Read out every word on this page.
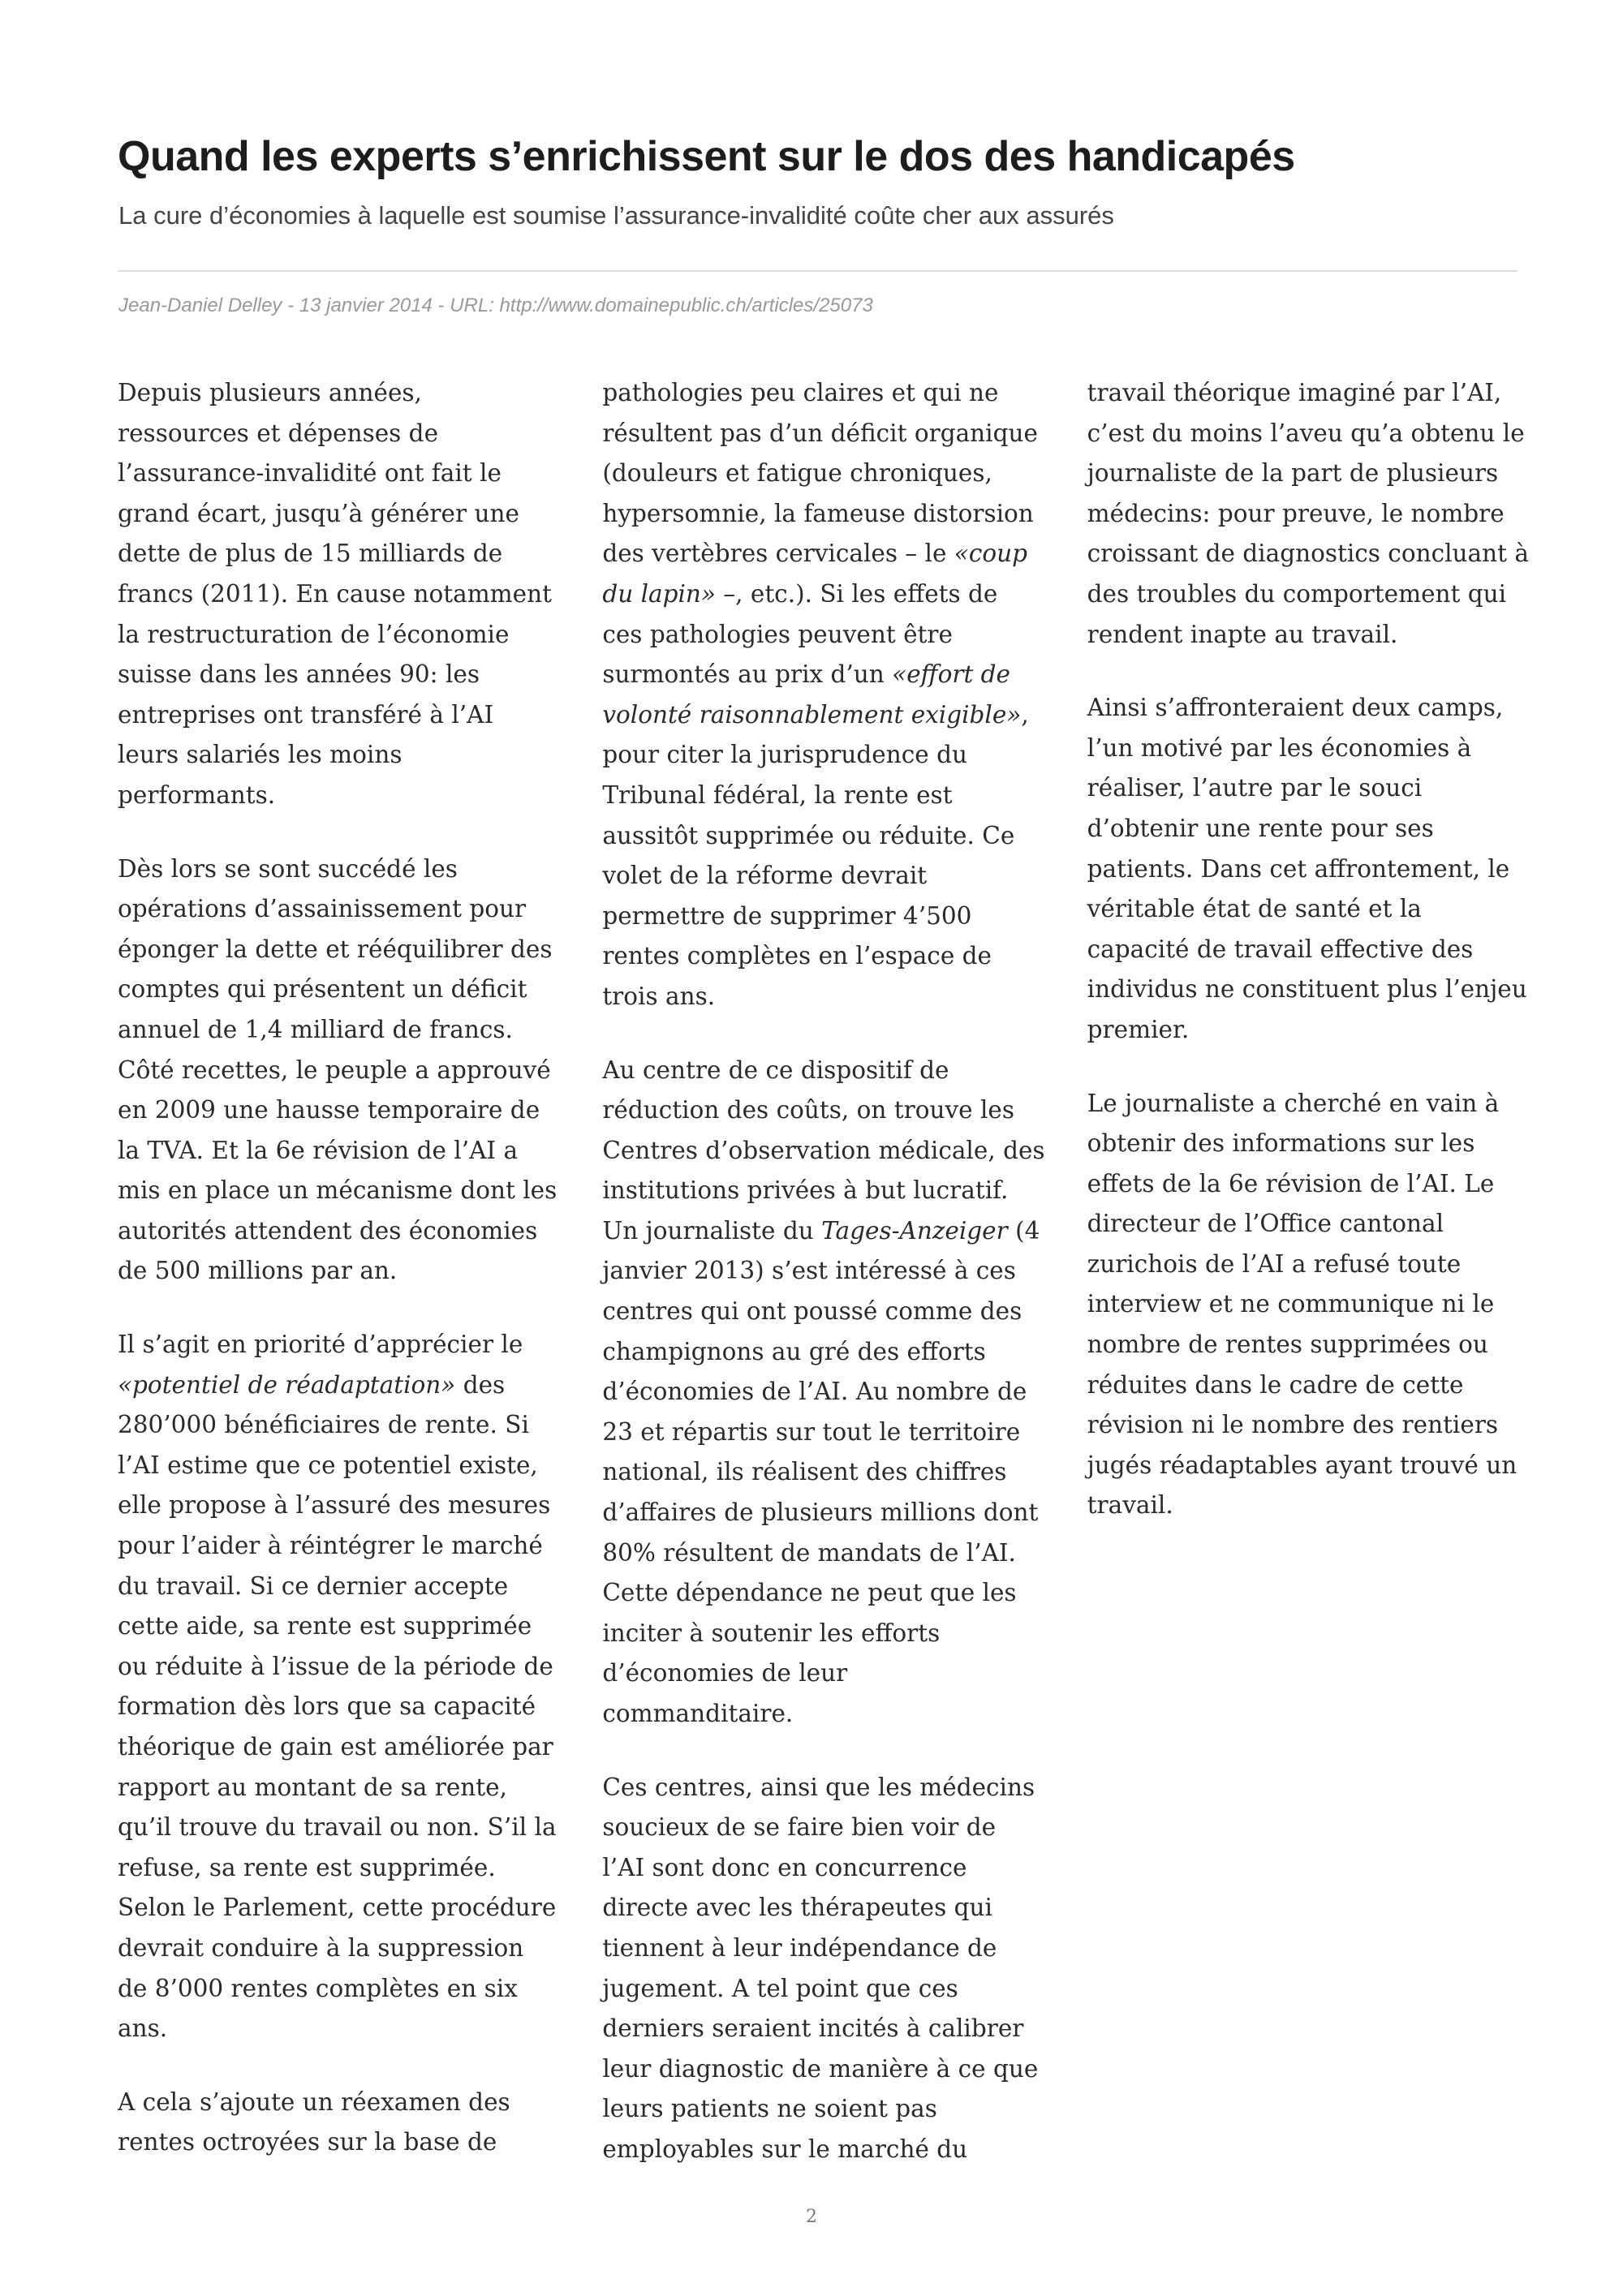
Quand les experts s’enrichissent sur le dos des handicapés

La cure d’économies à laquelle est soumise l’assurance-invalidité coûte cher aux assurés

Jean-Daniel Delley - 13 janvier 2014 - URL: http://www.domainepublic.ch/articles/25073

Depuis plusieurs années, ressources et dépenses de l’assurance-invalidité ont fait le grand écart, jusqu’à générer une dette de plus de 15 milliards de francs (2011). En cause notamment la restructuration de l’économie suisse dans les années 90: les entreprises ont transféré à l’AI leurs salariés les moins performants.

Dès lors se sont succédé les opérations d’assainissement pour éponger la dette et rééquilibrer des comptes qui présentent un déficit annuel de 1,4 milliard de francs. Côté recettes, le peuple a approuvé en 2009 une hausse temporaire de la TVA. Et la 6e révision de l’AI a mis en place un mécanisme dont les autorités attendent des économies de 500 millions par an.

Il s’agit en priorité d’apprécier le «potentiel de réadaptation» des 280’000 bénéficiaires de rente. Si l’AI estime que ce potentiel existe, elle propose à l’assuré des mesures pour l’aider à réintégrer le marché du travail. Si ce dernier accepte cette aide, sa rente est supprimée ou réduite à l’issue de la période de formation dès lors que sa capacité théorique de gain est améliorée par rapport au montant de sa rente, qu’il trouve du travail ou non. S’il la refuse, sa rente est supprimée. Selon le Parlement, cette procédure devrait conduire à la suppression de 8’000 rentes complètes en six ans.

A cela s’ajoute un réexamen des rentes octroyées sur la base de pathologies peu claires et qui ne résultent pas d’un déficit organique (douleurs et fatigue chroniques, hypersomnie, la fameuse distorsion des vertèbres cervicales – le «coup du lapin» –, etc.). Si les effets de ces pathologies peuvent être surmontés au prix d’un «effort de volonté raisonnablement exigible», pour citer la jurisprudence du Tribunal fédéral, la rente est aussitôt supprimée ou réduite. Ce volet de la réforme devrait permettre de supprimer 4’500 rentes complètes en l’espace de trois ans.

Au centre de ce dispositif de réduction des coûts, on trouve les Centres d’observation médicale, des institutions privées à but lucratif. Un journaliste du Tages-Anzeiger (4 janvier 2013) s’est intéressé à ces centres qui ont poussé comme des champignons au gré des efforts d’économies de l’AI. Au nombre de 23 et répartis sur tout le territoire national, ils réalisent des chiffres d’affaires de plusieurs millions dont 80% résultent de mandats de l’AI. Cette dépendance ne peut que les inciter à soutenir les efforts d’économies de leur commanditaire.

Ces centres, ainsi que les médecins soucieux de se faire bien voir de l’AI sont donc en concurrence directe avec les thérapeutes qui tiennent à leur indépendance de jugement. A tel point que ces derniers seraient incités à calibrer leur diagnostic de manière à ce que leurs patients ne soient pas employables sur le marché du travail théorique imaginé par l’AI, c’est du moins l’aveu qu’a obtenu le journaliste de la part de plusieurs médecins: pour preuve, le nombre croissant de diagnostics concluant à des troubles du comportement qui rendent inapte au travail.

Ainsi s’affronteraient deux camps, l’un motivé par les économies à réaliser, l’autre par le souci d’obtenir une rente pour ses patients. Dans cet affrontement, le véritable état de santé et la capacité de travail effective des individus ne constituent plus l’enjeu premier.

Le journaliste a cherché en vain à obtenir des informations sur les effets de la 6e révision de l’AI. Le directeur de l’Office cantonal zurichois de l’AI a refusé toute interview et ne communique ni le nombre de rentes supprimées ou réduites dans le cadre de cette révision ni le nombre des rentiers jugés réadaptables ayant trouvé un travail.

2
